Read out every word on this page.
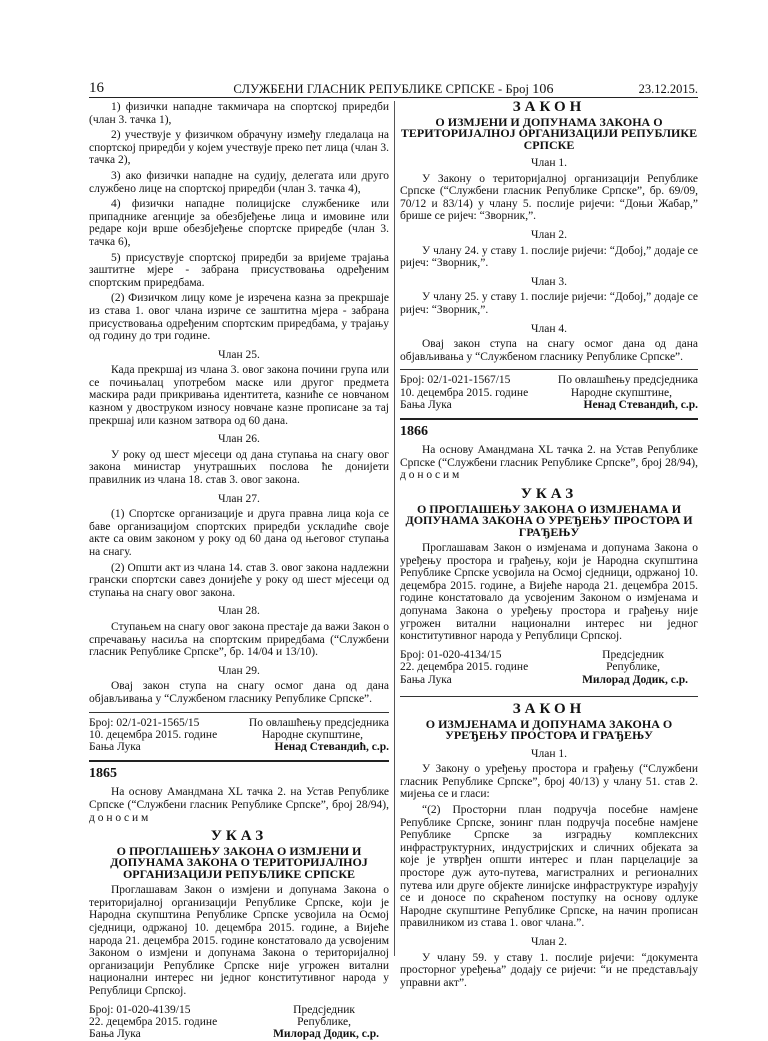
16	СЛУЖБЕНИ ГЛАСНИК РЕПУБЛИКЕ СРПСКЕ - Број 106	23.12.2015.

1) физички нападне такмичара на спортској приредби (члан 3. тачка 1),

2) учествује у физичком обрачуну између гледалаца на спортској приредби у којем учествује преко пет лица (члан 3. тачка 2),

3) ако физички нападне на судију, делегата или друго службено лице на спортској приредби (члан 3. тачка 4),

4) физички нападне полицијске службенике или припаднике агенције за обезбјеђење лица и имовине или редаре који врше обезбјеђење спортске приредбе (члан 3. тачка 6),

5) присуствује спортској приредби за вријеме трајања заштитне мјере - забрана присуствовања одређеним спортским приредбама.

(2) Физичком лицу коме је изречена казна за прекршаје из става 1. овог члана изриче се заштитна мјера - забрана присуствовања одређеним спортским приредбама, у трајању од годину до три године.

Члан 25.

Када прекршај из члана 3. овог закона почини група или се почињалац употребом маске или другог предмета маскира ради прикривања идентитета, казниће се новчаном казном у двоструком износу новчане казне прописане за тај прекршај или казном затвора од 60 дана.

Члан 26.

У року од шест мјесеци од дана ступања на снагу овог закона министар унутрашњих послова ће донијети правилник из члана 18. став 3. овог закона.

Члан 27.

(1) Спортске организације и друга правна лица која се баве организацијом спортских приредби ускладиће своје акте са овим законом у року од 60 дана од његовог ступања на снагу.

(2) Општи акт из члана 14. став 3. овог закона надлежни грански спортски савез донијеће у року од шест мјесеци од ступања на снагу овог закона.

Члан 28.

Ступањем на снагу овог закона престаје да важи Закон о спречавању насиља на спортским приредбама (“Службени гласник Републике Српске”, бр. 14/04 и 13/10).

Члан 29.

Овај закон ступа на снагу осмог дана од дана објављивања у “Службеном гласнику Републике Српске”.

Број: 02/1-021-1565/15	По овлашћењу предсједника
10. децембра 2015. године	Народне скупштине,
Бања Лука	Ненад Стевандић, с.р.
1865

На основу Амандмана XL тачка 2. на Устав Републике Српске (“Службени гласник Републике Српске”, број 28/94), д о н о с и м

УКАЗ
О ПРОГЛАШЕЊУ ЗАКОНА О ИЗМЈЕНИ И ДОПУНАМА ЗАКОНА О ТЕРИТОРИЈАЛНОЈ ОРГАНИЗАЦИЈИ РЕПУБЛИКЕ СРПСКЕ

Проглашавам Закон о измјени и допунама Закона о територијалној организацији Републике Српске, који је Народна скупштина Републике Српске усвојила на Осмој сједници, одржаној 10. децембра 2015. године, а Вијеће народа 21. децембра 2015. године констатовало да усвојеним Законом о измјени и допунама Закона о територијалној организацији Републике Српске није угрожен витални национални интерес ни једног конститутивног народа у Републици Српској.

Број: 01-020-4139/15	Предсједник
22. децембра 2015. године	Републике,
Бања Лука	Милорад Додик, с.р.
ЗАКОН
О ИЗМЈЕНИ И ДОПУНАМА ЗАКОНА О ТЕРИТОРИЈАЛНОЈ ОРГАНИЗАЦИЈИ РЕПУБЛИКЕ СРПСКЕ
Члан 1.

У Закону о територијалној организацији Републике Српске (“Службени гласник Републике Српске”, бр. 69/09, 70/12 и 83/14) у члану 5. послије ријечи: “Доњи Жабар,” брише се ријеч: “Зворник,”.

Члан 2.

У члану 24. у ставу 1. послије ријечи: “Добој,” додаје се ријеч: “Зворник,”.

Члан 3.

У члану 25. у ставу 1. послије ријечи: “Добој,” додаје се ријеч: “Зворник,”.

Члан 4.

Овај закон ступа на снагу осмог дана од дана објављивања у “Службеном гласнику Републике Српске”.

Број: 02/1-021-1567/15	По овлашћењу предсједника
10. децембра 2015. године	Народне скупштине,
Бања Лука	Ненад Стевандић, с.р.
1866

На основу Амандмана XL тачка 2. на Устав Републике Српске (“Службени гласник Републике Српске”, број 28/94), д о н о с и м

УКАЗ
О ПРОГЛАШЕЊУ ЗАКОНА О ИЗМЈЕНАМА И ДОПУНАМА ЗАКОНА О УРЕЂЕЊУ ПРОСТОРА И ГРАЂЕЊУ

Проглашавам Закон о измјенама и допунама Закона о уређењу простора и грађењу, који је Народна скупштина Републике Српске усвојила на Осмој сједници, одржаној 10. децембра 2015. године, а Вијеће народа 21. децембра 2015. године констатовало да усвојеним Законом о измјенама и допунама Закона о уређењу простора и грађењу није угрожен витални национални интерес ни једног конститутивног народа у Републици Српској.

Број: 01-020-4134/15	Предсједник
22. децембра 2015. године	Републике,
Бања Лука	Милорад Додик, с.р.
ЗАКОН
О ИЗМЈЕНАМА И ДОПУНАМА ЗАКОНА О УРЕЂЕЊУ ПРОСТОРА И ГРАЂЕЊУ
Члан 1.

У Закону о уређењу простора и грађењу (“Службени гласник Републике Српске”, број 40/13) у члану 51. став 2. мијења се и гласи:

“(2) Просторни план подручја посебне намјене Републике Српске, зонинг план подручја посебне намјене Републике Српске за изградњу комплексних инфраструктурних, индустријских и сличних објеката за које је утврђен општи интерес и план парцелације за просторе дуж ауто-путева, магистралних и регионалних путева или друге објекте линијске инфраструктуре израђују се и доносе по скраћеном поступку на основу одлуке Народне скупштине Републике Српске, на начин прописан правилником из става 1. овог члана.”.

Члан 2.

У члану 59. у ставу 1. послије ријечи: “документа просторног уређења” додају се ријечи: “и не представљају управни акт”.
